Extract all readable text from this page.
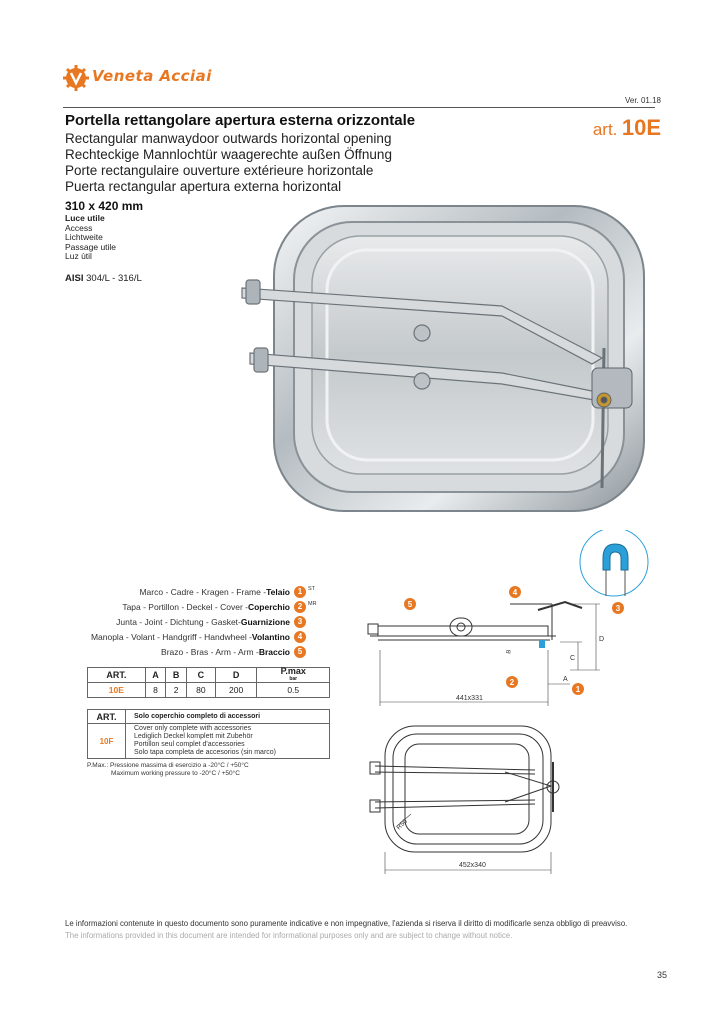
Veneta Acciai
Ver. 01.18
Portella rettangolare apertura esterna orizzontale
Rectangular manwaydoor outwards horizontal opening
Rechteckige Mannlochtür waagerechte außen Öffnung
Porte rectangulaire ouverture extérieure horizontale
Puerta rectangular apertura externa horizontal
art. 10E
310 x 420 mm
Luce utile
Access
Lichtweite
Passage utile
Luz ùtil
AISI 304/L - 316/L
Marco - Cadre - Kragen - Frame - Telaio 1	ST
Tapa - Portillon - Deckel - Cover - Coperchio 2	MR
Junta - Joint - Dichtung - Gasket- Guarnizione 3
Manopla - Volant - Handgriff - Handwheel - Volantino 4
Brazo - Bras - Arm - Arm - Braccio 5
ART.	A	B	C	D	P.max
bar
10E	8	2	80	200	0.5
ART.	Solo coperchio completo di accessori
10F	Cover only complete with accessories
Lediglich Deckel komplett mit Zubehör
Portillon seul complet d'accessories
Solo tapa completa de accesorios (sin marco)
P.Max.: Pressione massima di esercizio a -20°C / +50°C
Maximum working pressure to -20°C / +50°C
441x331
D
C
A
B
5
4
3
2
1
452x340
R50
Le informazioni contenute in questo documento sono puramente indicative e non impegnative, l'azienda si riserva il diritto di modificarle senza obbligo di preavviso.
The informations provided in this document are intended for informational purposes only and are subject to change without notice.
35
